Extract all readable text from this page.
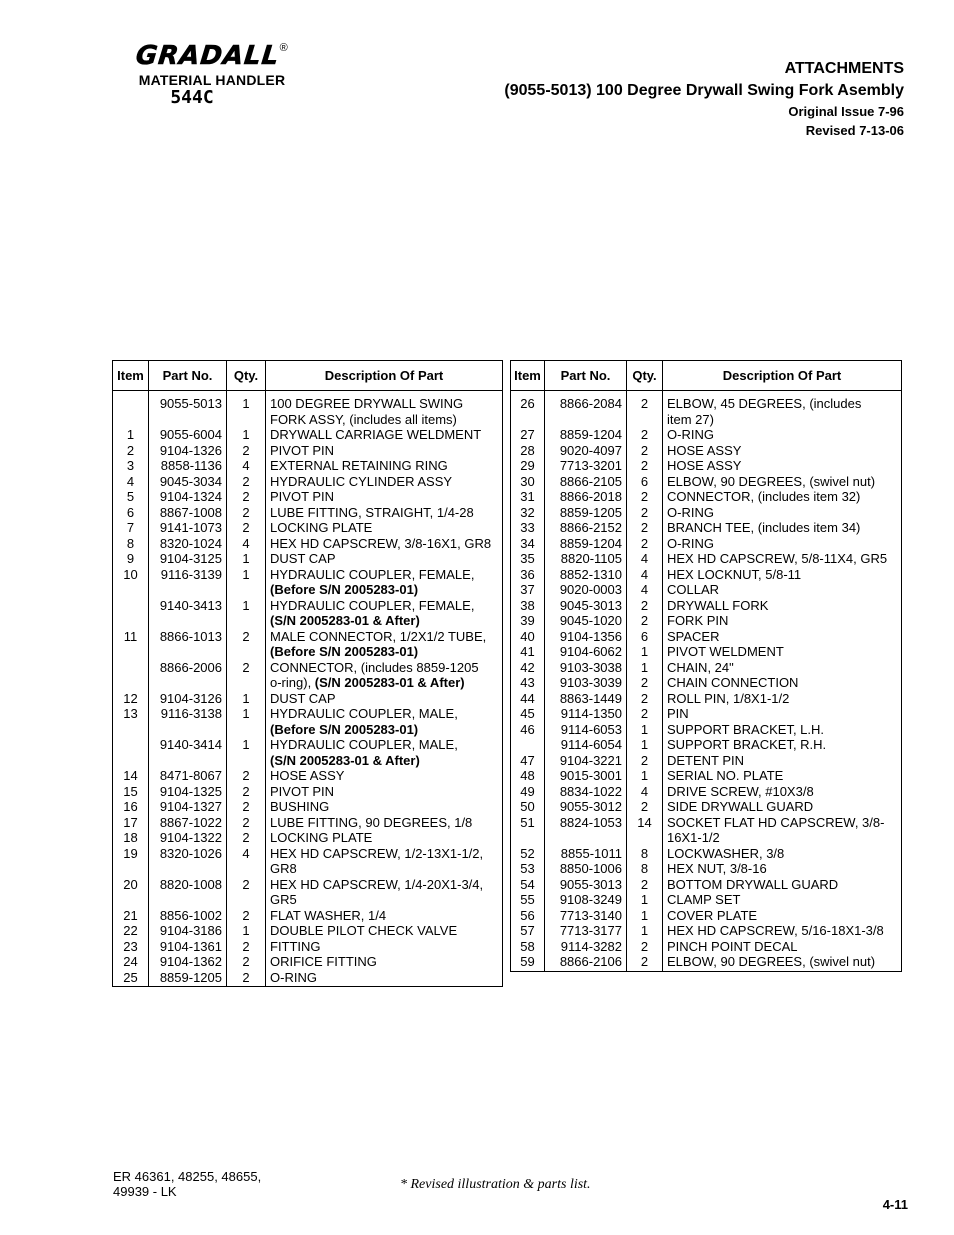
GRADALL®
MATERIAL HANDLER
544C
ATTACHMENTS
(9055-5013) 100 Degree Drywall Swing Fork Asembly
Original Issue 7-96
Revised 7-13-06
Item	Part No.	Qty.	Description Of Part
	9055-5013	1	100 DEGREE DRYWALL SWING
FORK ASSY, (includes all items)

1	9055-6004	1	DRYWALL CARRIAGE WELDMENT

2	9104-1326	2	PIVOT PIN

3	8858-1136	4	EXTERNAL RETAINING RING

4	9045-3034	2	HYDRAULIC CYLINDER ASSY

5	9104-1324	2	PIVOT PIN

6	8867-1008	2	LUBE FITTING, STRAIGHT, 1/4-28

7	9141-1073	2	LOCKING PLATE

8	8320-1024	4	HEX HD CAPSCREW, 3/8-16X1, GR8

9	9104-3125	1	DUST CAP

10	9116-3139	1	HYDRAULIC COUPLER, FEMALE,
(Before S/N 2005283-01)

	9140-3413	1	HYDRAULIC COUPLER, FEMALE,
(S/N 2005283-01 & After)

11	8866-1013	2	MALE CONNECTOR, 1/2X1/2 TUBE,
(Before S/N 2005283-01)

	8866-2006	2	CONNECTOR, (includes 8859-1205
o-ring), (S/N 2005283-01 & After)

12	9104-3126	1	DUST CAP

13	9116-3138	1	HYDRAULIC COUPLER, MALE,
(Before S/N 2005283-01)

	9140-3414	1	HYDRAULIC COUPLER, MALE,
(S/N 2005283-01 & After)

14	8471-8067	2	HOSE ASSY

15	9104-1325	2	PIVOT PIN

16	9104-1327	2	BUSHING

17	8867-1022	2	LUBE FITTING, 90 DEGREES, 1/8

18	9104-1322	2	LOCKING PLATE

19	8320-1026	4	HEX HD CAPSCREW, 1/2-13X1-1/2,
GR8

20	8820-1008	2	HEX HD CAPSCREW, 1/4-20X1-3/4,
GR5

21	8856-1002	2	FLAT WASHER, 1/4

22	9104-3186	1	DOUBLE PILOT CHECK VALVE

23	9104-1361	2	FITTING

24	9104-1362	2	ORIFICE FITTING

25	8859-1205	2	O-RING
Item	Part No.	Qty.	Description Of Part
26	8866-2084	2	ELBOW, 45 DEGREES, (includes
item 27)

27	8859-1204	2	O-RING

28	9020-4097	2	HOSE ASSY

29	7713-3201	2	HOSE ASSY

30	8866-2105	6	ELBOW, 90 DEGREES, (swivel nut)

31	8866-2018	2	CONNECTOR, (includes item 32)

32	8859-1205	2	O-RING

33	8866-2152	2	BRANCH TEE, (includes item 34)

34	8859-1204	2	O-RING

35	8820-1105	4	HEX HD CAPSCREW, 5/8-11X4, GR5

36	8852-1310	4	HEX LOCKNUT, 5/8-11

37	9020-0003	4	COLLAR

38	9045-3013	2	DRYWALL FORK

39	9045-1020	2	FORK PIN

40	9104-1356	6	SPACER

41	9104-6062	1	PIVOT WELDMENT

42	9103-3038	1	CHAIN, 24"

43	9103-3039	2	CHAIN CONNECTION

44	8863-1449	2	ROLL PIN, 1/8X1-1/2

45	9114-1350	2	PIN

46	9114-6053	1	SUPPORT BRACKET, L.H.

	9114-6054	1	SUPPORT BRACKET, R.H.

47	9104-3221	2	DETENT PIN

48	9015-3001	1	SERIAL NO. PLATE

49	8834-1022	4	DRIVE SCREW, #10X3/8

50	9055-3012	2	SIDE DRYWALL GUARD

51	8824-1053	14	SOCKET FLAT HD CAPSCREW, 3/8-
16X1-1/2

52	8855-1011	8	LOCKWASHER, 3/8

53	8850-1006	8	HEX NUT, 3/8-16

54	9055-3013	2	BOTTOM DRYWALL GUARD

55	9108-3249	1	CLAMP SET

56	7713-3140	1	COVER PLATE

57	7713-3177	1	HEX HD CAPSCREW, 5/16-18X1-3/8

58	9114-3282	2	PINCH POINT DECAL

59	8866-2106	2	ELBOW, 90 DEGREES, (swivel nut)
ER 46361, 48255, 48655,
49939 - LK	* Revised illustration & parts list.
4-11
